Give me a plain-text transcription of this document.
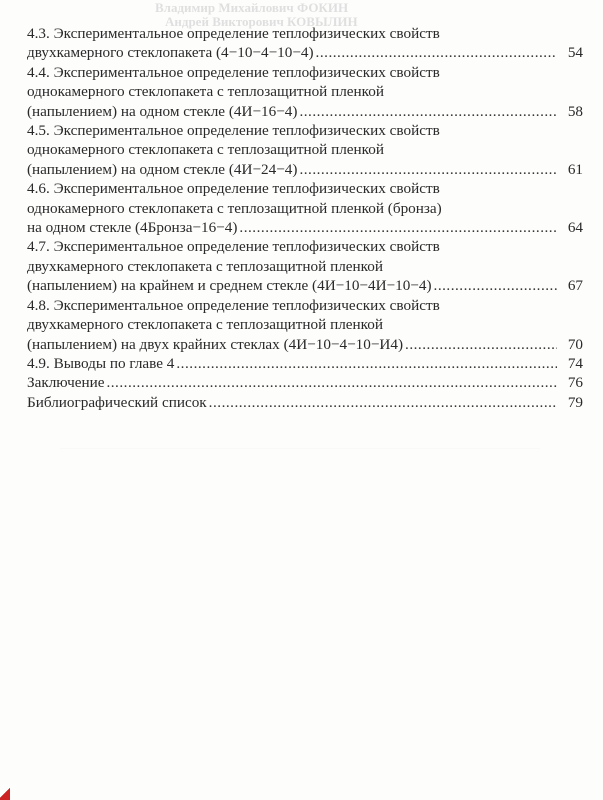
Владимир Михайлович ФОКИН
Андрей Викторович КОВЫЛИН
4.3. Экспериментальное определение теплофизических свойств
двухкамерного стеклопакета (4−10−4−10−4) .....	54
4.4. Экспериментальное определение теплофизических свойств
однокамерного стеклопакета с теплозащитной пленкой
(напылением) на одном стекле (4И−16−4) .....	58
4.5. Экспериментальное определение теплофизических свойств
однокамерного стеклопакета с теплозащитной пленкой
(напылением) на одном стекле (4И−24−4) .....	61
4.6. Экспериментальное определение теплофизических свойств
однокамерного стеклопакета с теплозащитной пленкой (бронза)
на одном стекле (4Бронза−16−4) .....	64
4.7. Экспериментальное определение теплофизических свойств
двухкамерного стеклопакета с теплозащитной пленкой
(напылением) на крайнем и среднем стекле (4И−10−4И−10−4) .....	67
4.8. Экспериментальное определение теплофизических свойств
двухкамерного стеклопакета с теплозащитной пленкой
(напылением) на двух крайних стеклах (4И−10−4−10−И4) .....	70
4.9. Выводы по главе 4 .....	74
Заключение .....	76
Библиографический список .....	79
